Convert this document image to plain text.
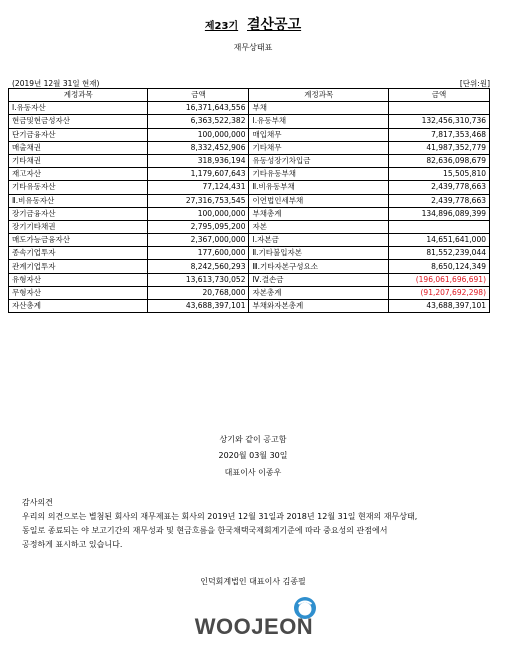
제23기 결산공고
재무상태표
(2019년 12월 31일 현재)	[단위:원]
계정과목	금액	계정과목	금액
Ⅰ.유동자산	16,371,643,556	부채	
현금및현금성자산	6,363,522,382	Ⅰ.유동부채	132,456,310,736
단기금융자산	100,000,000	매입채무	7,817,353,468
매출채권	8,332,452,906	기타채무	41,987,352,779
기타채권	318,936,194	유동성장기차입금	82,636,098,679
재고자산	1,179,607,643	기타유동부채	15,505,810
기타유동자산	77,124,431	Ⅱ.비유동부채	2,439,778,663
Ⅱ.비유동자산	27,316,753,545	이연법인세부채	2,439,778,663
장기금융자산	100,000,000	부채총계	134,896,089,399
장기기타채권	2,795,095,200	자본	
매도가능금융자산	2,367,000,000	Ⅰ.자본금	14,651,641,000
종속기업투자	177,600,000	Ⅱ.기타불입자본	81,552,239,044
관계기업투자	8,242,560,293	Ⅲ.기타자본구성요소	8,650,124,349
유형자산	13,613,730,052	Ⅳ.결손금	(196,061,696,691)
무형자산	20,768,000	자본총계	(91,207,692,298)
자산총계	43,688,397,101	부채와자본총계	43,688,397,101
상기와 같이 공고함
2020월 03월 30일
대표이사 이종우
감사의견
우리의 의견으로는 별첨된 회사의 재무제표는 회사의 2019년 12월 31일과 2018년 12월 31일 현재의 재무상태,
동일로 종료되는 야 보고기간의 재무성과 및 현금흐름을 한국채택국제회계기준에 따라 중요성의 관점에서
공정하게 표시하고 있습니다.
인덕회계법인 대표이사 김종필
WOOJEON
